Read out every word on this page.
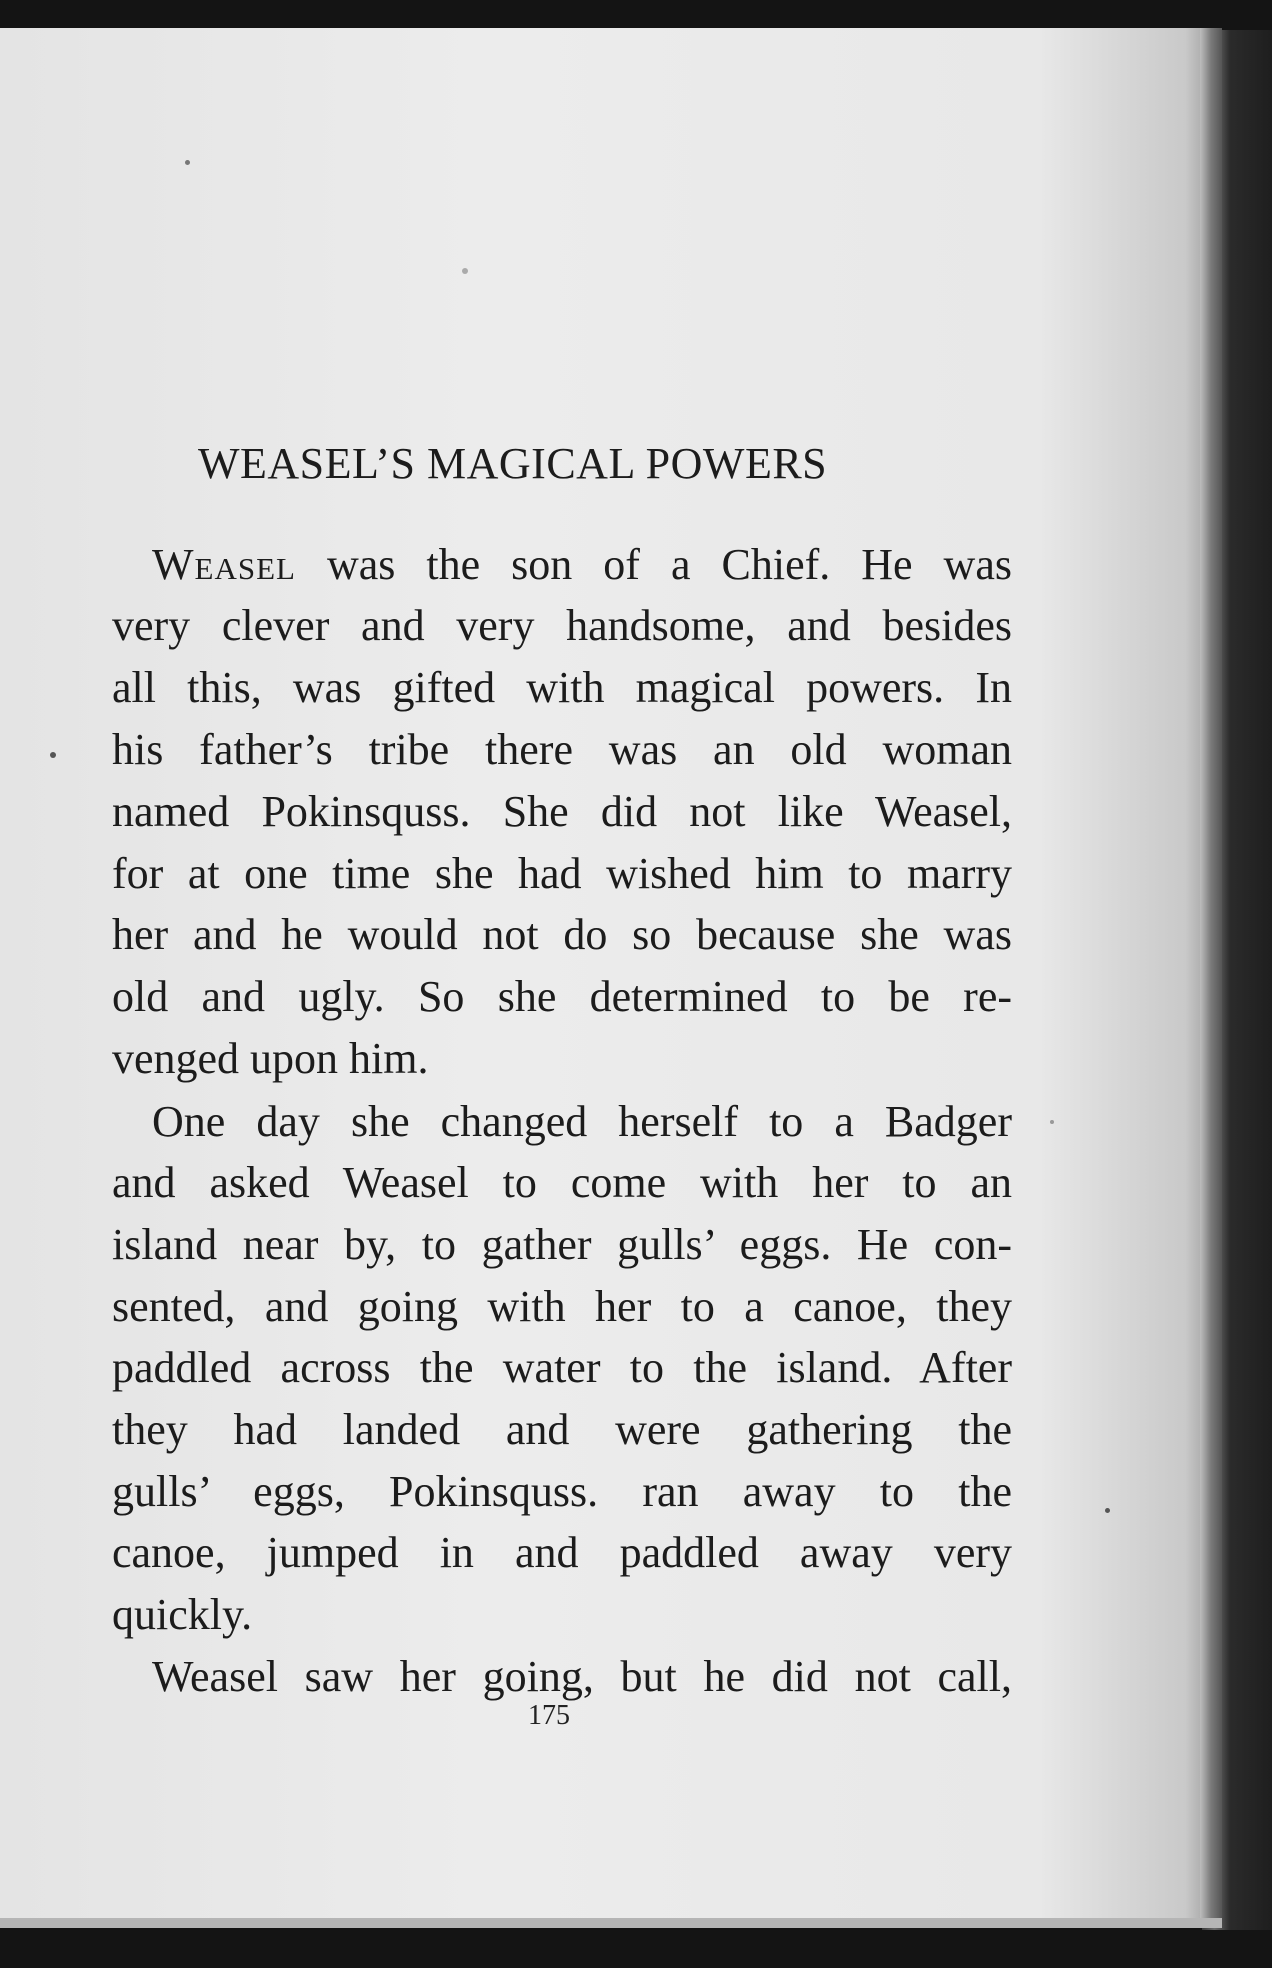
WEASEL’S MAGICAL POWERS
Weasel was the son of a Chief. He was
very clever and very handsome, and besides
all this, was gifted with magical powers. In
his father’s tribe there was an old woman
named Pokinsquss. She did not like Weasel,
for at one time she had wished him to marry
her and he would not do so because she was
old and ugly. So she determined to be re-
venged upon him.
One day she changed herself to a Badger
and asked Weasel to come with her to an
island near by, to gather gulls’ eggs. He con-
sented, and going with her to a canoe, they
paddled across the water to the island. After
they had landed and were gathering the
gulls’ eggs, Pokinsquss. ran away to the
canoe, jumped in and paddled away very
quickly.
Weasel saw her going, but he did not call,
175
